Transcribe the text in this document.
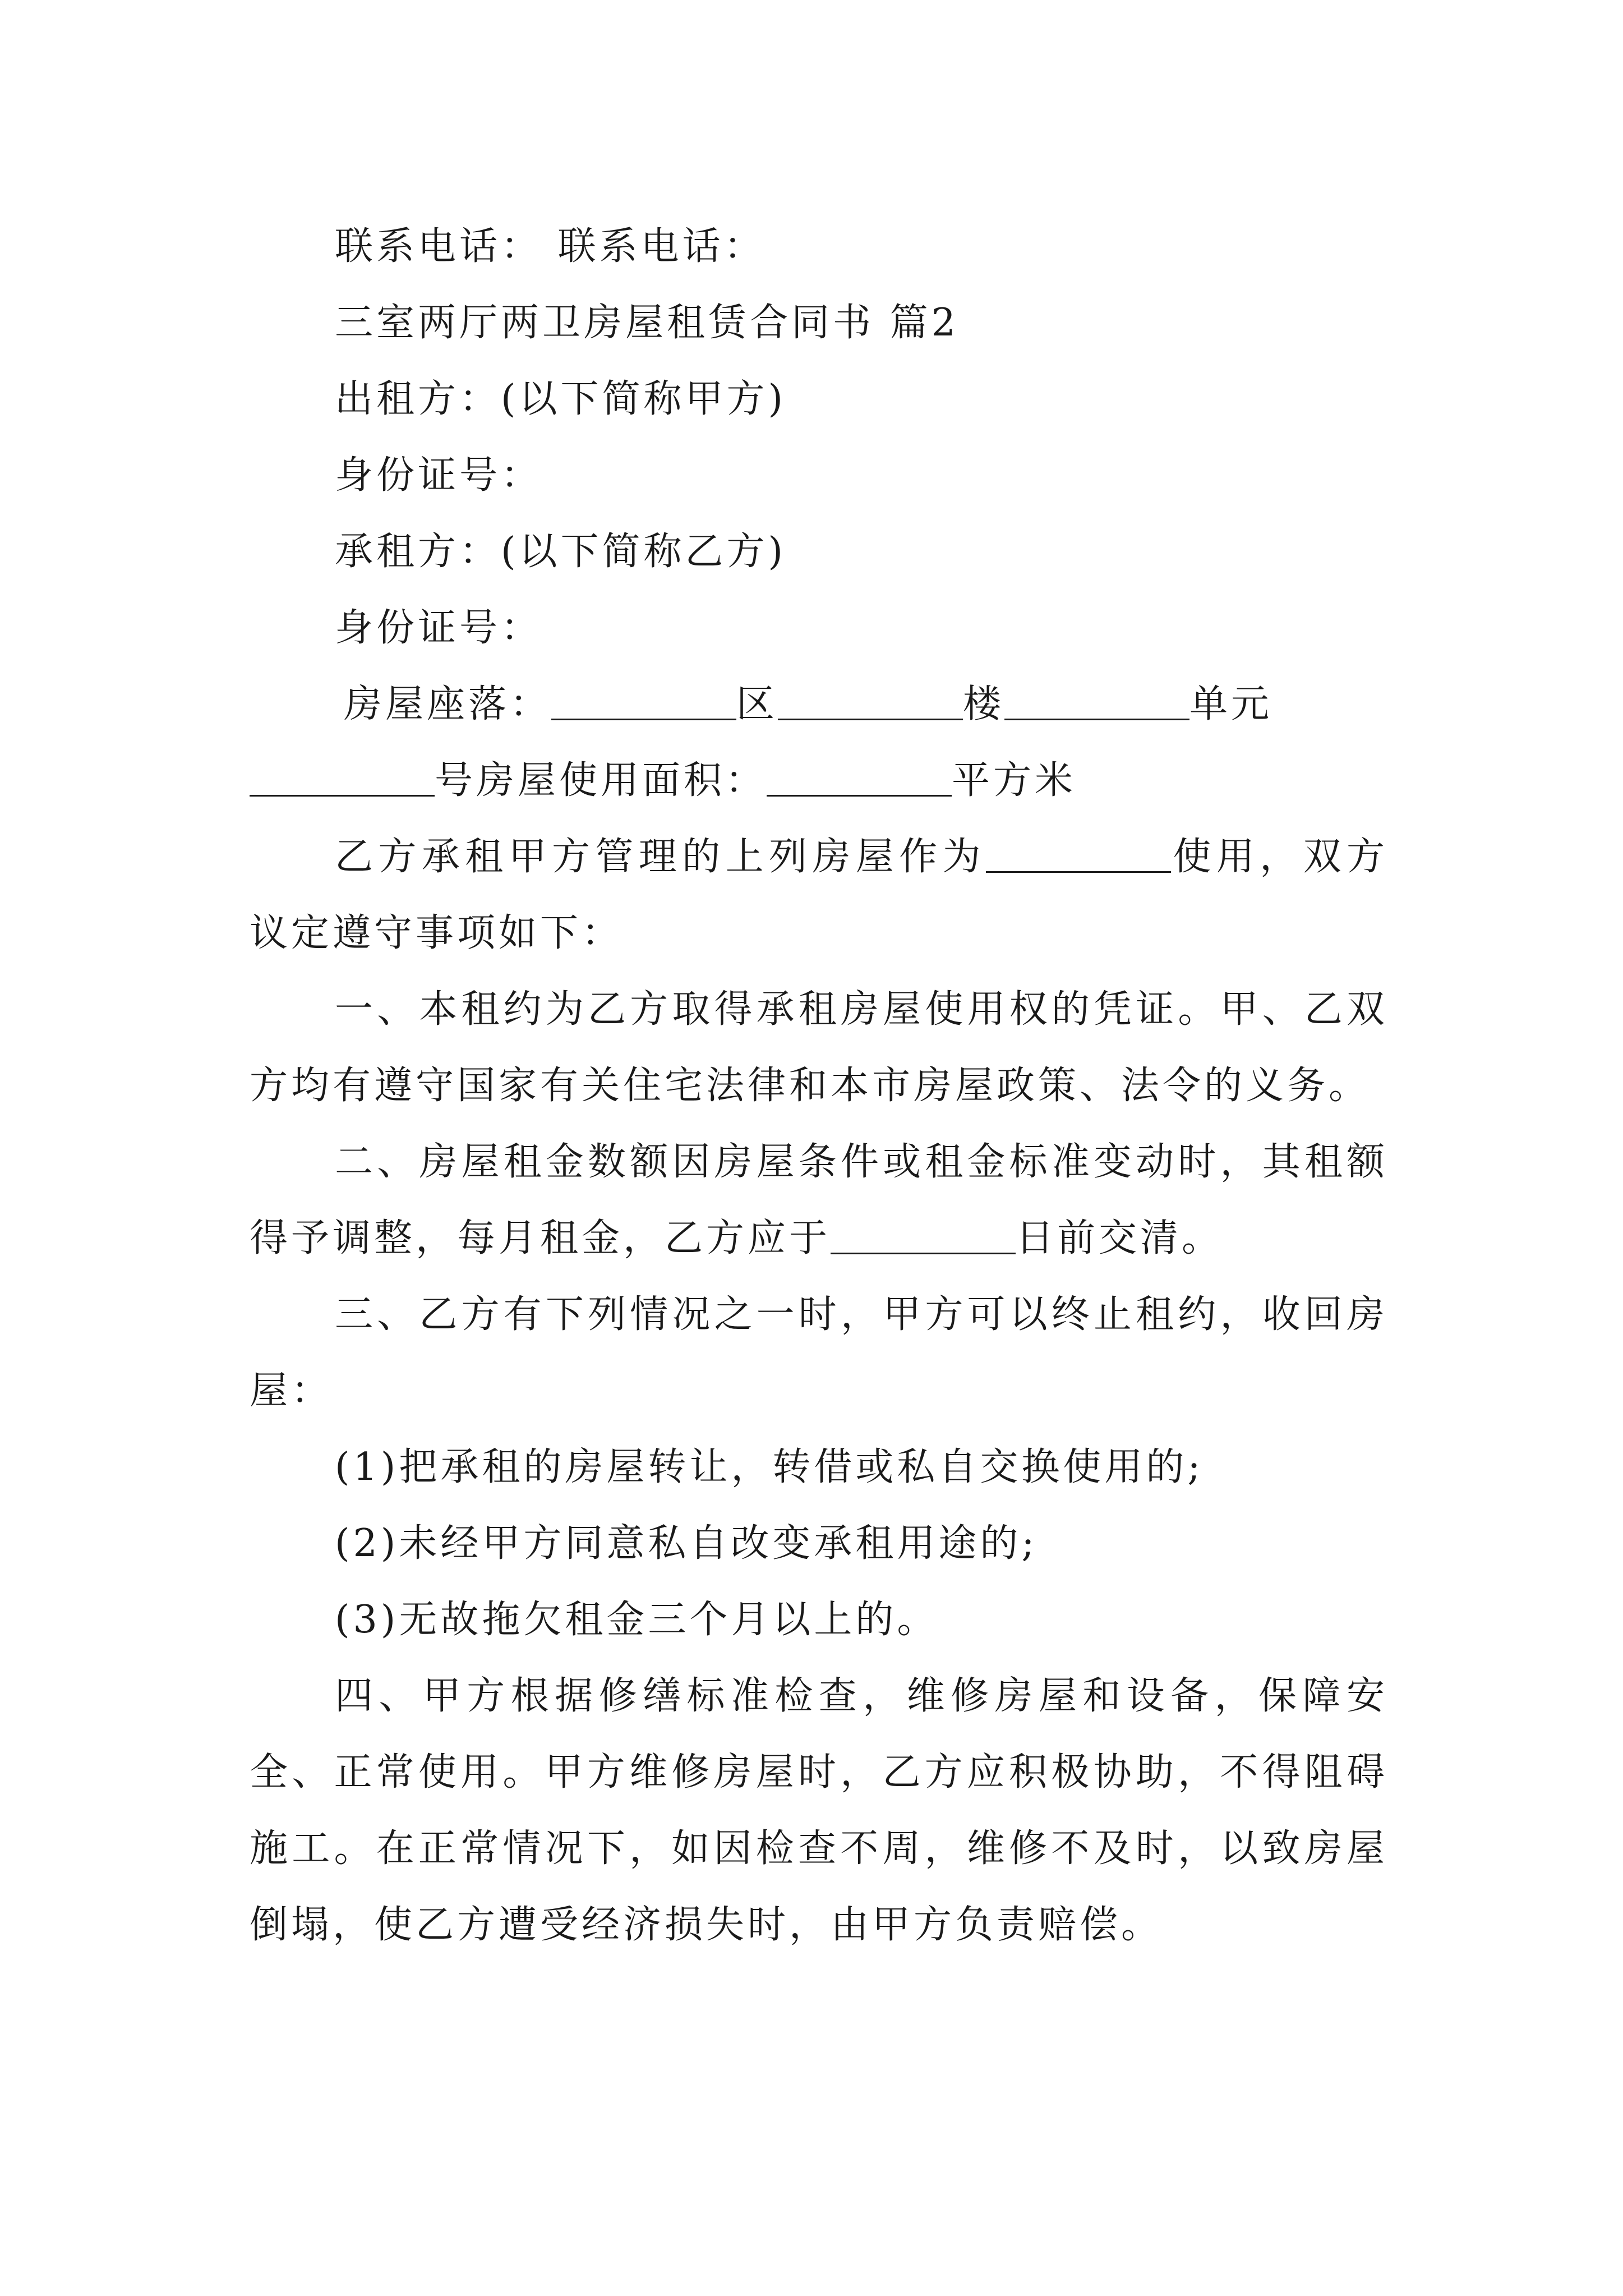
联系电话： 联系电话：

三室两厅两卫房屋租赁合同书 篇2

出租方：(以下简称甲方)

身份证号：

承租方：(以下简称乙方)

身份证号：

房屋座落：	区	楼	单元

号房屋使用面积：	平方米

乙方承租甲方管理的上列房屋作为	使用，双方议定遵守事项如下：

一、本租约为乙方取得承租房屋使用权的凭证。甲、乙双方均有遵守国家有关住宅法律和本市房屋政策、法令的义务。

二、房屋租金数额因房屋条件或租金标准变动时，其租额得予调整，每月租金，乙方应于	日前交清。

三、乙方有下列情况之一时，甲方可以终止租约，收回房屋：

(1)把承租的房屋转让，转借或私自交换使用的;

(2)未经甲方同意私自改变承租用途的;

(3)无故拖欠租金三个月以上的。

四、甲方根据修缮标准检查，维修房屋和设备，保障安全、正常使用。甲方维修房屋时，乙方应积极协助，不得阻碍施工。在正常情况下，如因检查不周，维修不及时，以致房屋倒塌，使乙方遭受经济损失时，由甲方负责赔偿。
